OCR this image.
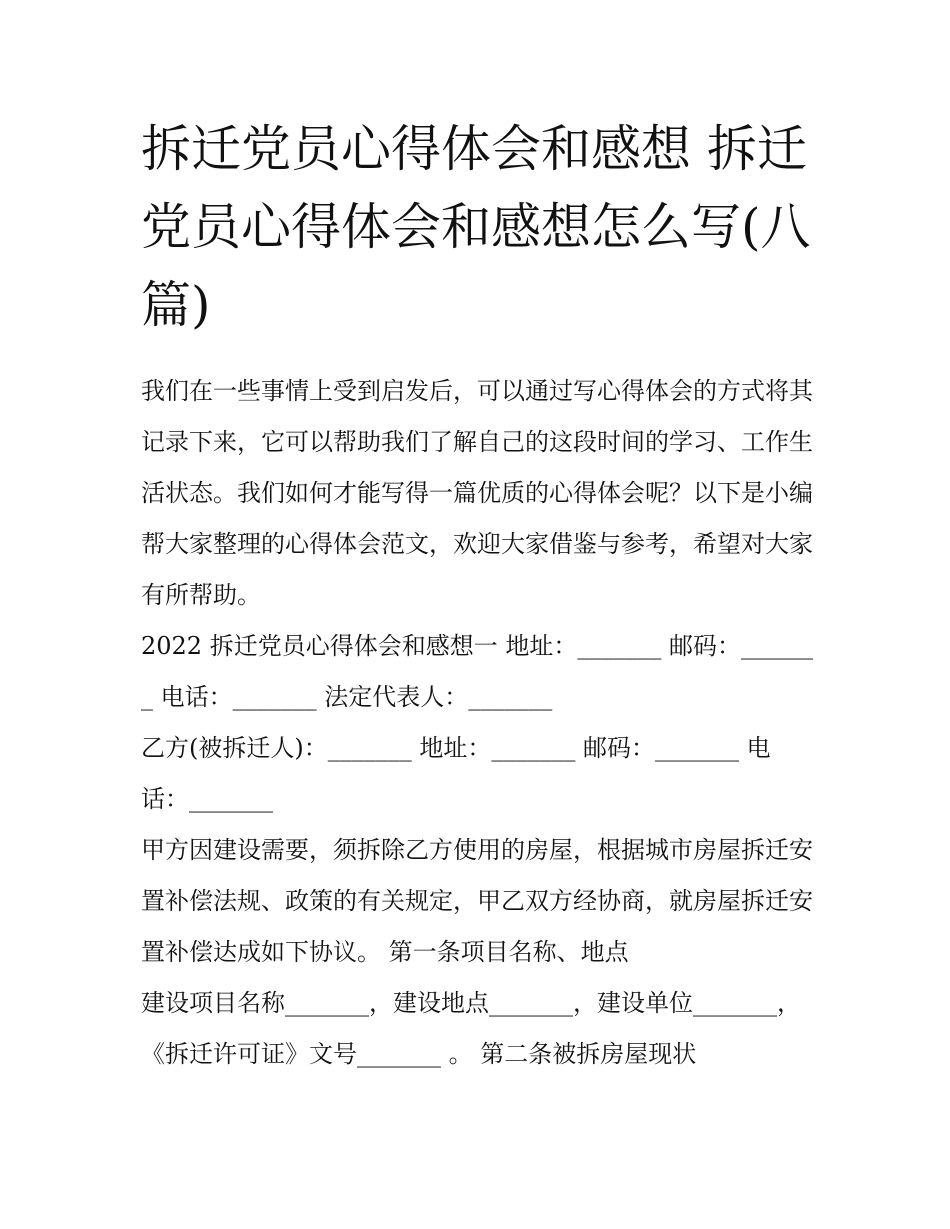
拆迁党员心得体会和感想 拆迁党员心得体会和感想怎么写(八篇)

我们在一些事情上受到启发后，可以通过写心得体会的方式将其记录下来，它可以帮助我们了解自己的这段时间的学习、工作生活状态。我们如何才能写得一篇优质的心得体会呢？以下是小编帮大家整理的心得体会范文，欢迎大家借鉴与参考，希望对大家有所帮助。

2022 拆迁党员心得体会和感想一 地址：_______ 邮码：_______ 电话：_______ 法定代表人：_______

乙方(被拆迁人)：_______ 地址：_______ 邮码：_______ 电话：_______

甲方因建设需要，须拆除乙方使用的房屋，根据城市房屋拆迁安置补偿法规、政策的有关规定，甲乙双方经协商，就房屋拆迁安置补偿达成如下协议。 第一条项目名称、地点

建设项目名称_______，建设地点_______，建设单位_______，《拆迁许可证》文号_______ 。 第二条被拆房屋现状
